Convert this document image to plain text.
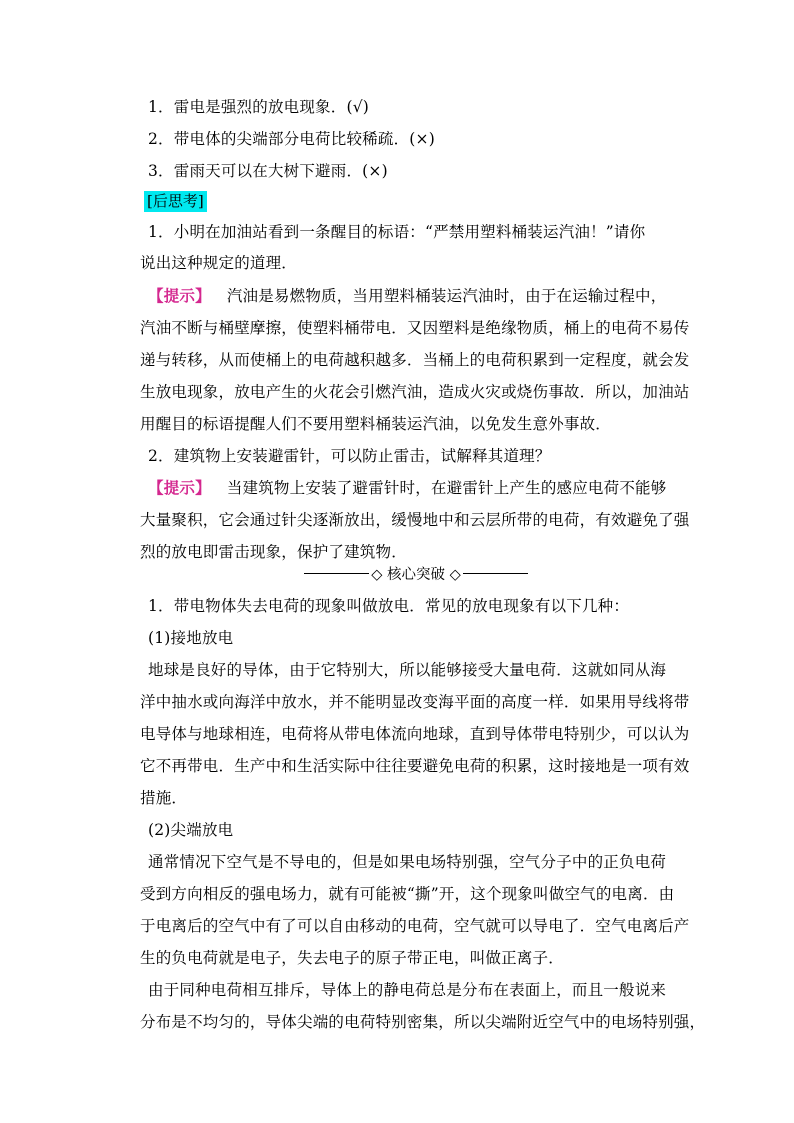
1．雷电是强烈的放电现象．(√)
2．带电体的尖端部分电荷比较稀疏．(×)
3．雷雨天可以在大树下避雨．(×)
[后思考]
1．小明在加油站看到一条醒目的标语：“严禁用塑料桶装运汽油！”请你
说出这种规定的道理．
【提示】 汽油是易燃物质，当用塑料桶装运汽油时，由于在运输过程中，
汽油不断与桶壁摩擦，使塑料桶带电．又因塑料是绝缘物质，桶上的电荷不易传
递与转移，从而使桶上的电荷越积越多．当桶上的电荷积累到一定程度，就会发
生放电现象，放电产生的火花会引燃汽油，造成火灾或烧伤事故．所以，加油站
用醒目的标语提醒人们不要用塑料桶装运汽油，以免发生意外事故．
2．建筑物上安装避雷针，可以防止雷击，试解释其道理？
【提示】 当建筑物上安装了避雷针时，在避雷针上产生的感应电荷不能够
大量聚积，它会通过针尖逐渐放出，缓慢地中和云层所带的电荷，有效避免了强
烈的放电即雷击现象，保护了建筑物．
◇ 核心突破 ◇
1．带电物体失去电荷的现象叫做放电．常见的放电现象有以下几种：
(1)接地放电
地球是良好的导体，由于它特别大，所以能够接受大量电荷．这就如同从海
洋中抽水或向海洋中放水，并不能明显改变海平面的高度一样．如果用导线将带
电导体与地球相连，电荷将从带电体流向地球，直到导体带电特别少，可以认为
它不再带电．生产中和生活实际中往往要避免电荷的积累，这时接地是一项有效
措施．
(2)尖端放电
通常情况下空气是不导电的，但是如果电场特别强，空气分子中的正负电荷
受到方向相反的强电场力，就有可能被“撕”开，这个现象叫做空气的电离．由
于电离后的空气中有了可以自由移动的电荷，空气就可以导电了．空气电离后产
生的负电荷就是电子，失去电子的原子带正电，叫做正离子．
由于同种电荷相互排斥，导体上的静电荷总是分布在表面上，而且一般说来
分布是不均匀的，导体尖端的电荷特别密集，所以尖端附近空气中的电场特别强，
